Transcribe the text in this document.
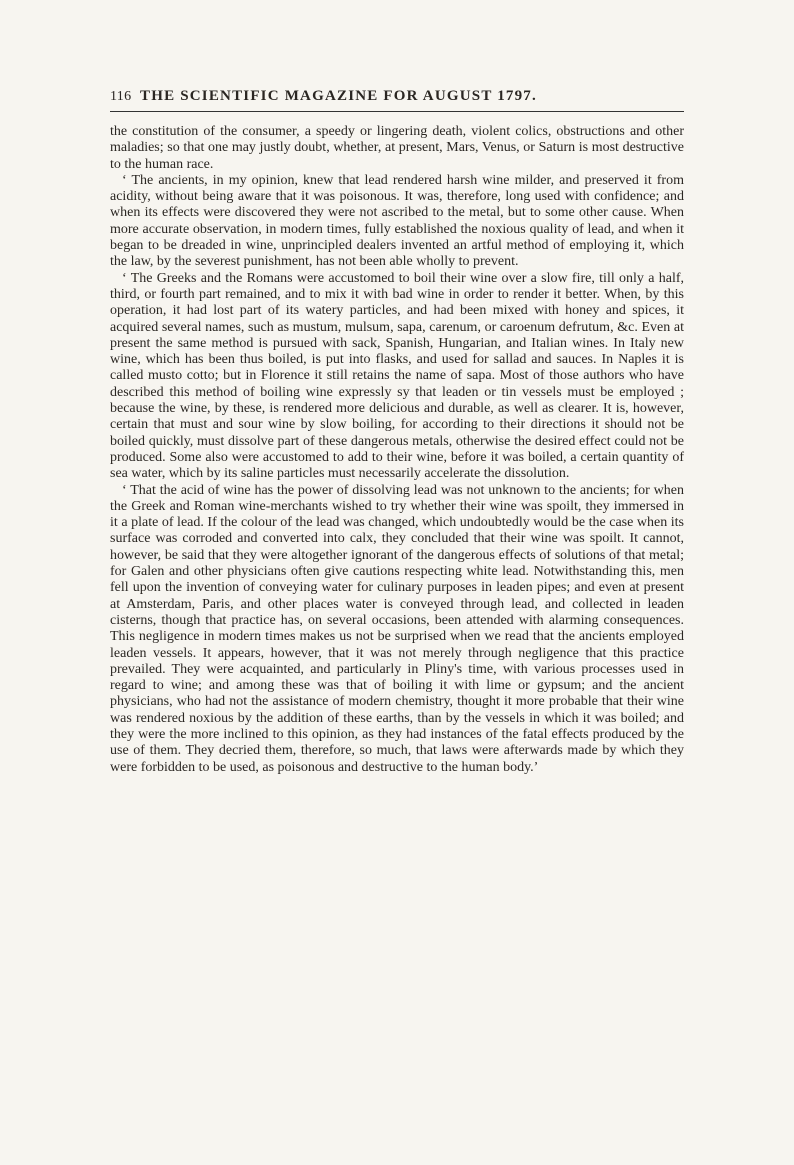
116 THE SCIENTIFIC MAGAZINE FOR AUGUST 1797.

the constitution of the consumer, a speedy or lingering death, violent colics, obstructions and other maladies; so that one may justly doubt, whether, at present, Mars, Venus, or Saturn is most destructive to the human race.

‘ The ancients, in my opinion, knew that lead rendered harsh wine milder, and preserved it from acidity, without being aware that it was poisonous. It was, therefore, long used with confidence; and when its effects were discovered they were not ascribed to the metal, but to some other cause. When more accurate observation, in modern times, fully established the noxious quality of lead, and when it began to be dreaded in wine, unprincipled dealers invented an artful method of employing it, which the law, by the severest punishment, has not been able wholly to prevent.

‘ The Greeks and the Romans were accustomed to boil their wine over a slow fire, till only a half, third, or fourth part remained, and to mix it with bad wine in order to render it better. When, by this operation, it had lost part of its watery particles, and had been mixed with honey and spices, it acquired several names, such as mustum, mulsum, sapa, carenum, or caroenum defrutum, &c. Even at present the same method is pursued with sack, Spanish, Hungarian, and Italian wines. In Italy new wine, which has been thus boiled, is put into flasks, and used for sallad and sauces. In Naples it is called musto cotto; but in Florence it still retains the name of sapa. Most of those authors who have described this method of boiling wine expressly sy that leaden or tin vessels must be employed ; because the wine, by these, is rendered more delicious and durable, as well as clearer. It is, however, certain that must and sour wine by slow boiling, for according to their directions it should not be boiled quickly, must dissolve part of these dangerous metals, otherwise the desired effect could not be produced. Some also were accustomed to add to their wine, before it was boiled, a certain quantity of sea water, which by its saline particles must necessarily accelerate the dissolution.

‘ That the acid of wine has the power of dissolving lead was not unknown to the ancients; for when the Greek and Roman wine-merchants wished to try whether their wine was spoilt, they immersed in it a plate of lead. If the colour of the lead was changed, which undoubtedly would be the case when its surface was corroded and converted into calx, they concluded that their wine was spoilt. It cannot, however, be said that they were altogether ignorant of the dangerous effects of solutions of that metal; for Galen and other physicians often give cautions respecting white lead. Notwithstanding this, men fell upon the invention of conveying water for culinary purposes in leaden pipes; and even at present at Amsterdam, Paris, and other places water is conveyed through lead, and collected in leaden cisterns, though that practice has, on several occasions, been attended with alarming consequences. This negligence in modern times makes us not be surprised when we read that the ancients employed leaden vessels. It appears, however, that it was not merely through negligence that this practice prevailed. They were acquainted, and particularly in Pliny's time, with various processes used in regard to wine; and among these was that of boiling it with lime or gypsum; and the ancient physicians, who had not the assistance of modern chemistry, thought it more probable that their wine was rendered noxious by the addition of these earths, than by the vessels in which it was boiled; and they were the more inclined to this opinion, as they had instances of the fatal effects produced by the use of them. They decried them, therefore, so much, that laws were afterwards made by which they were forbidden to be used, as poisonous and destructive to the human body.’
